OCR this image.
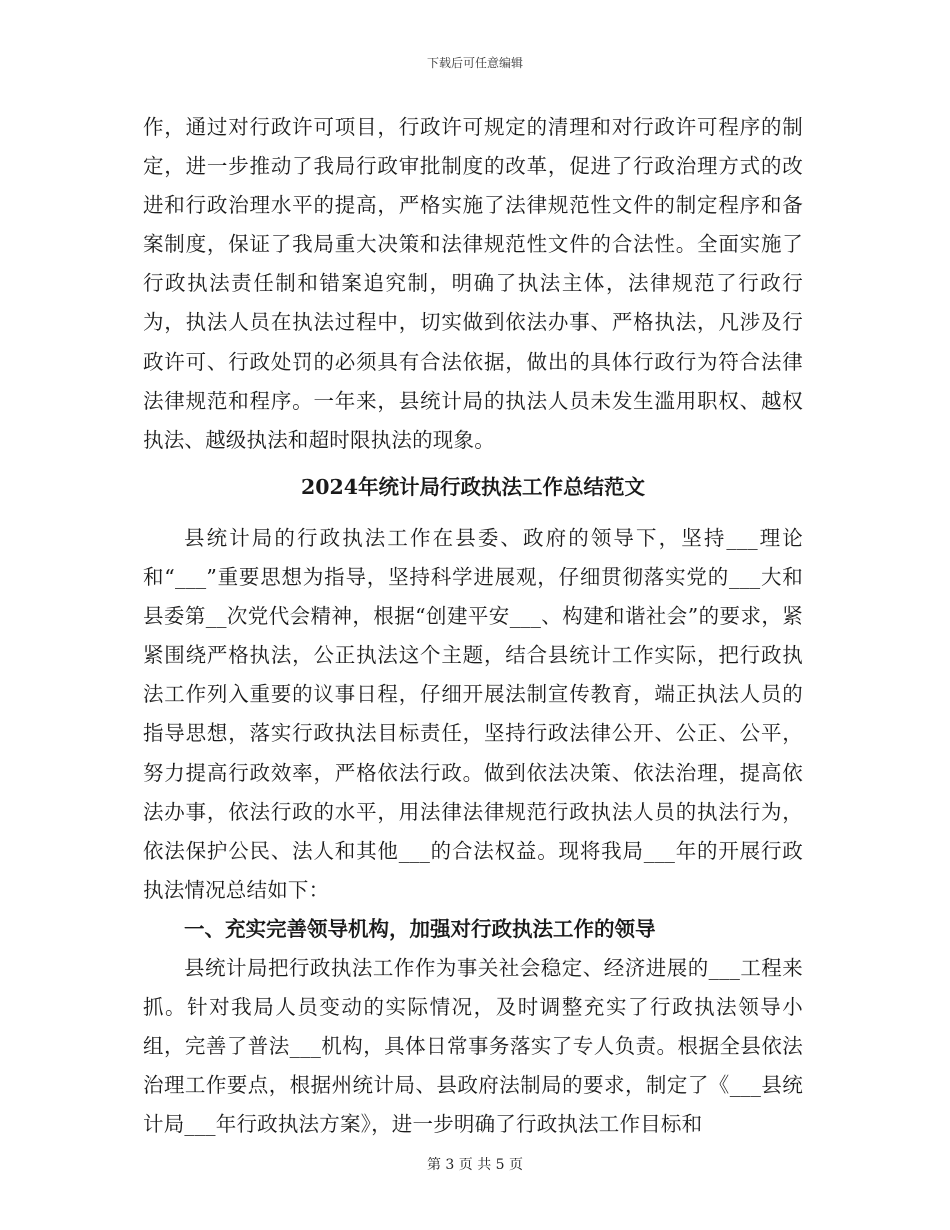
下载后可任意编辑

作，通过对行政许可项目，行政许可规定的清理和对行政许可程序的制定，进一步推动了我局行政审批制度的改革，促进了行政治理方式的改进和行政治理水平的提高，严格实施了法律规范性文件的制定程序和备案制度，保证了我局重大决策和法律规范性文件的合法性。全面实施了行政执法责任制和错案追究制，明确了执法主体，法律规范了行政行为，执法人员在执法过程中，切实做到依法办事、严格执法，凡涉及行政许可、行政处罚的必须具有合法依据，做出的具体行政行为符合法律法律规范和程序。一年来，县统计局的执法人员未发生滥用职权、越权执法、越级执法和超时限执法的现象。

2024年统计局行政执法工作总结范文

县统计局的行政执法工作在县委、政府的领导下，坚持___理论和“___”重要思想为指导，坚持科学进展观，仔细贯彻落实党的___大和县委第__次党代会精神，根据“创建平安___、构建和谐社会”的要求，紧紧围绕严格执法，公正执法这个主题，结合县统计工作实际，把行政执法工作列入重要的议事日程，仔细开展法制宣传教育，端正执法人员的指导思想，落实行政执法目标责任，坚持行政法律公开、公正、公平，努力提高行政效率，严格依法行政。做到依法决策、依法治理，提高依法办事，依法行政的水平，用法律法律规范行政执法人员的执法行为，依法保护公民、法人和其他___的合法权益。现将我局___年的开展行政执法情况总结如下：

一、充实完善领导机构，加强对行政执法工作的领导

县统计局把行政执法工作作为事关社会稳定、经济进展的___工程来抓。针对我局人员变动的实际情况，及时调整充实了行政执法领导小组，完善了普法___机构，具体日常事务落实了专人负责。根据全县依法治理工作要点，根据州统计局、县政府法制局的要求，制定了《___县统计局___年行政执法方案》，进一步明确了行政执法工作目标和

第 3 页 共 5 页
